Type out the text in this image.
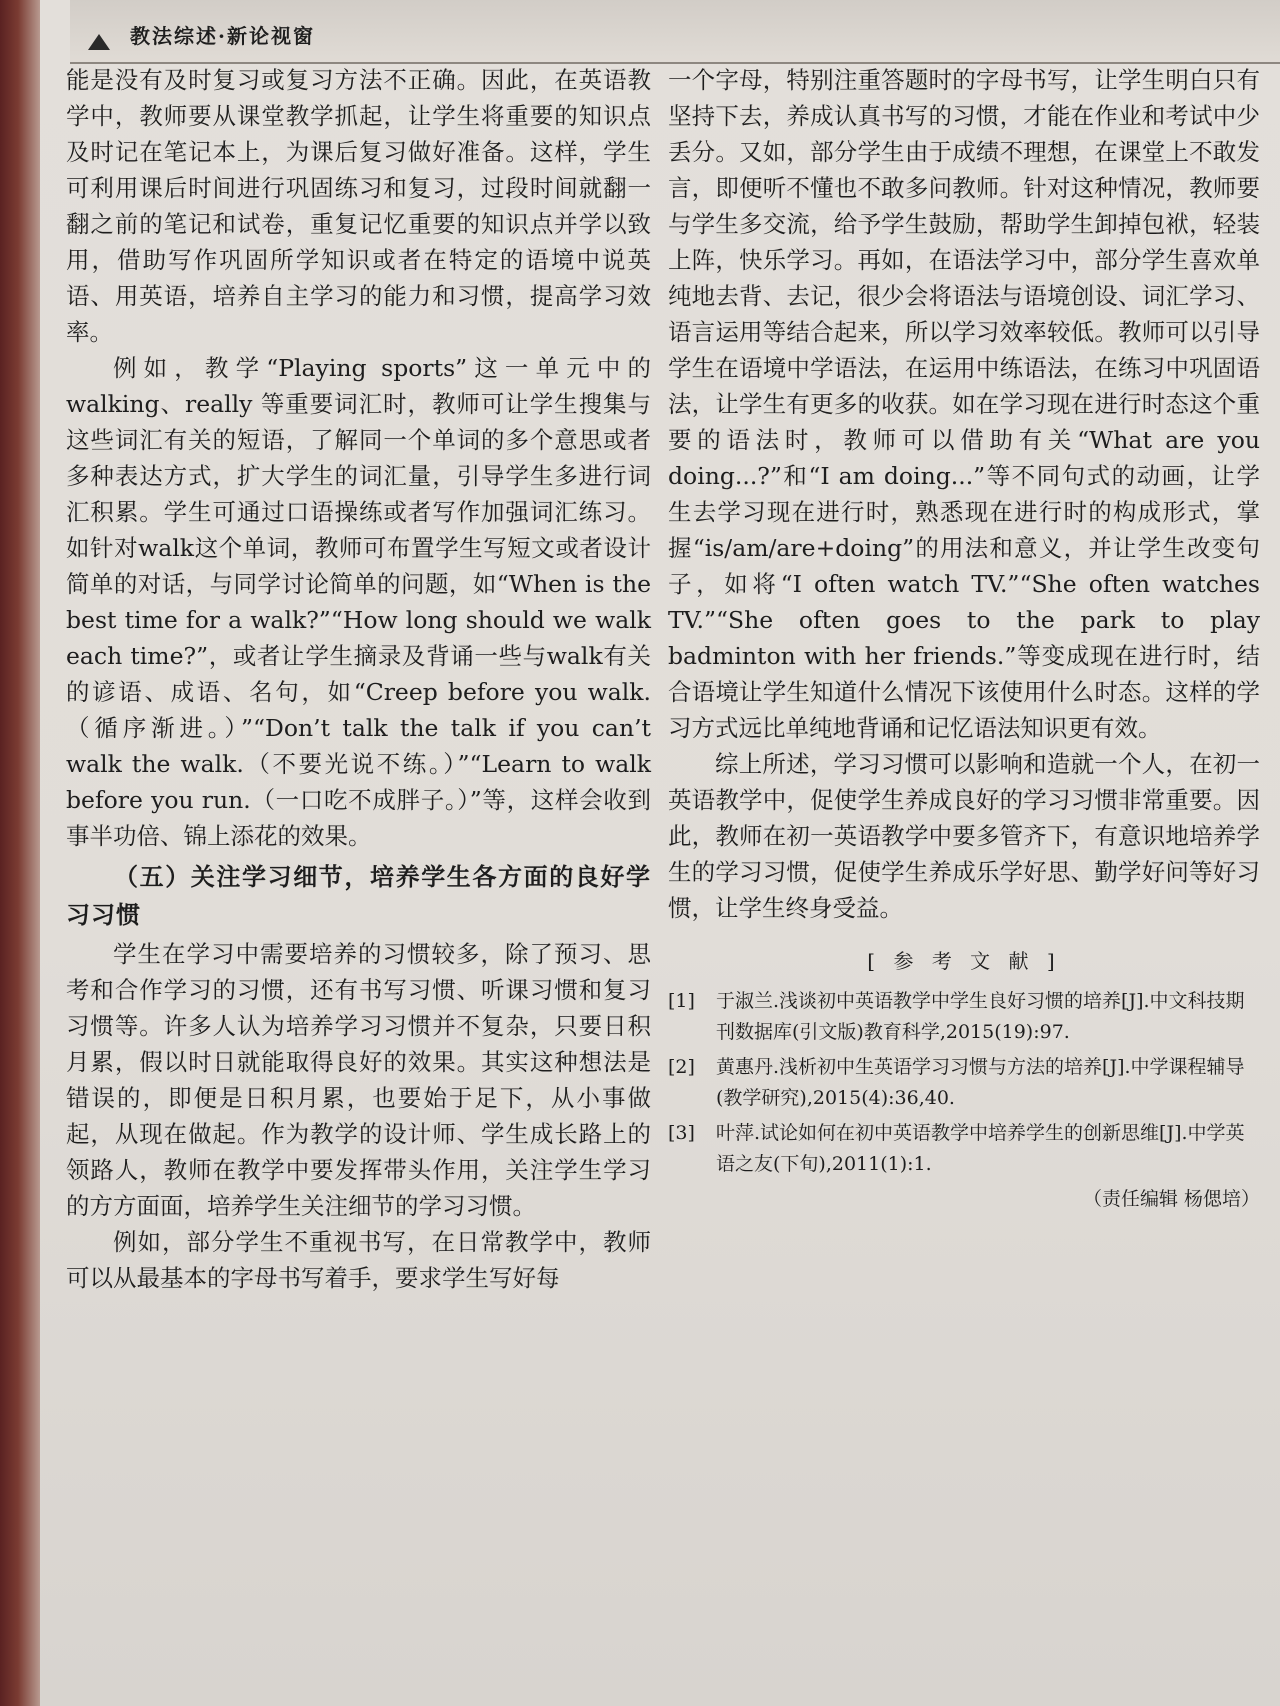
教法综述·新论视窗

能是没有及时复习或复习方法不正确。因此，在英语教学中，教师要从课堂教学抓起，让学生将重要的知识点及时记在笔记本上，为课后复习做好准备。这样，学生可利用课后时间进行巩固练习和复习，过段时间就翻一翻之前的笔记和试卷，重复记忆重要的知识点并学以致用，借助写作巩固所学知识或者在特定的语境中说英语、用英语，培养自主学习的能力和习惯，提高学习效率。

例如，教学“Playing sports”这一单元中的walking、really 等重要词汇时，教师可让学生搜集与这些词汇有关的短语，了解同一个单词的多个意思或者多种表达方式，扩大学生的词汇量，引导学生多进行词汇积累。学生可通过口语操练或者写作加强词汇练习。如针对walk这个单词，教师可布置学生写短文或者设计简单的对话，与同学讨论简单的问题，如“When is the best time for a walk?”“How long should we walk each time?”，或者让学生摘录及背诵一些与walk有关的谚语、成语、名句，如“Creep before you walk.（循序渐进。）”“Don’t talk the talk if you can’t walk the walk.（不要光说不练。）”“Learn to walk before you run.（一口吃不成胖子。）”等，这样会收到事半功倍、锦上添花的效果。

（五）关注学习细节，培养学生各方面的良好学习习惯

学生在学习中需要培养的习惯较多，除了预习、思考和合作学习的习惯，还有书写习惯、听课习惯和复习习惯等。许多人认为培养学习习惯并不复杂，只要日积月累，假以时日就能取得良好的效果。其实这种想法是错误的，即便是日积月累，也要始于足下，从小事做起，从现在做起。作为教学的设计师、学生成长路上的领路人，教师在教学中要发挥带头作用，关注学生学习的方方面面，培养学生关注细节的学习习惯。

例如，部分学生不重视书写，在日常教学中，教师可以从最基本的字母书写着手，要求学生写好每

一个字母，特别注重答题时的字母书写，让学生明白只有坚持下去，养成认真书写的习惯，才能在作业和考试中少丢分。又如，部分学生由于成绩不理想，在课堂上不敢发言，即便听不懂也不敢多问教师。针对这种情况，教师要与学生多交流，给予学生鼓励，帮助学生卸掉包袱，轻装上阵，快乐学习。再如，在语法学习中，部分学生喜欢单纯地去背、去记，很少会将语法与语境创设、词汇学习、语言运用等结合起来，所以学习效率较低。教师可以引导学生在语境中学语法，在运用中练语法，在练习中巩固语法，让学生有更多的收获。如在学习现在进行时态这个重要的语法时，教师可以借助有关“What are you doing...?”和“I am doing...”等不同句式的动画，让学生去学习现在进行时，熟悉现在进行时的构成形式，掌握“is/am/are+doing”的用法和意义，并让学生改变句子，如将“I often watch TV.”“She often watches TV.”“She often goes to the park to play badminton with her friends.”等变成现在进行时，结合语境让学生知道什么情况下该使用什么时态。这样的学习方式远比单纯地背诵和记忆语法知识更有效。

综上所述，学习习惯可以影响和造就一个人，在初一英语教学中，促使学生养成良好的学习习惯非常重要。因此，教师在初一英语教学中要多管齐下，有意识地培养学生的学习习惯，促使学生养成乐学好思、勤学好问等好习惯，让学生终身受益。

[ 参 考 文 献 ]
[1] 于淑兰.浅谈初中英语教学中学生良好习惯的培养[J].中文科技期刊数据库(引文版)教育科学,2015(19):97.
[2] 黄惠丹.浅析初中生英语学习习惯与方法的培养[J].中学课程辅导(教学研究),2015(4):36,40.
[3] 叶萍.试论如何在初中英语教学中培养学生的创新思维[J].中学英语之友(下旬),2011(1):1.
（责任编辑 杨偲培）
